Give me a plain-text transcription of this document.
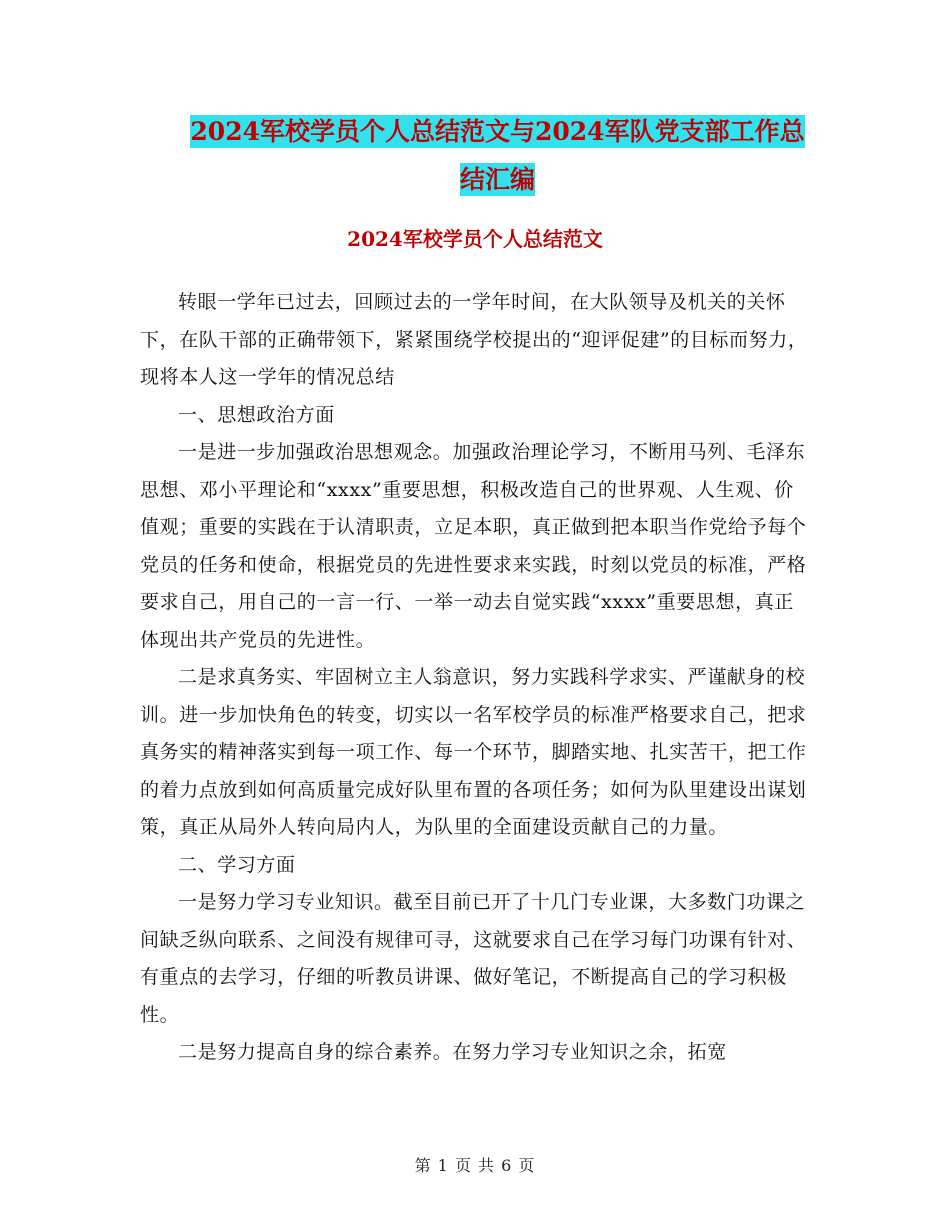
2024军校学员个人总结范文与2024军队党支部工作总
结汇编
2024军校学员个人总结范文

转眼一学年已过去，回顾过去的一学年时间，在大队领导及机关的关怀下，在队干部的正确带领下，紧紧围绕学校提出的“迎评促建”的目标而努力，现将本人这一学年的情况总结

一、思想政治方面

一是进一步加强政治思想观念。加强政治理论学习，不断用马列、毛泽东思想、邓小平理论和“xxxx”重要思想，积极改造自己的世界观、人生观、价值观；重要的实践在于认清职责，立足本职，真正做到把本职当作党给予每个党员的任务和使命，根据党员的先进性要求来实践，时刻以党员的标准，严格要求自己，用自己的一言一行、一举一动去自觉实践“xxxx”重要思想，真正体现出共产党员的先进性。

二是求真务实、牢固树立主人翁意识，努力实践科学求实、严谨献身的校训。进一步加快角色的转变，切实以一名军校学员的标准严格要求自己，把求真务实的精神落实到每一项工作、每一个环节，脚踏实地、扎实苦干，把工作的着力点放到如何高质量完成好队里布置的各项任务；如何为队里建设出谋划策，真正从局外人转向局内人，为队里的全面建设贡献自己的力量。

二、学习方面

一是努力学习专业知识。截至目前已开了十几门专业课，大多数门功课之间缺乏纵向联系、之间没有规律可寻，这就要求自己在学习每门功课有针对、有重点的去学习，仔细的听教员讲课、做好笔记，不断提高自己的学习积极性。

二是努力提高自身的综合素养。在努力学习专业知识之余，拓宽

第 1 页 共 6 页
